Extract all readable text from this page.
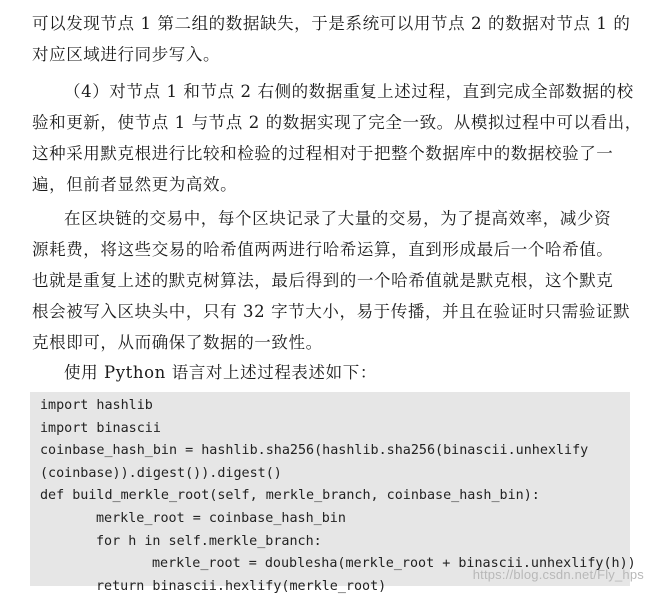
可以发现节点 1 第二组的数据缺失，于是系统可以用节点 2 的数据对节点 1 的
对应区域进行同步写入。

（4）对节点 1 和节点 2 右侧的数据重复上述过程，直到完成全部数据的校
验和更新，使节点 1 与节点 2 的数据实现了完全一致。从模拟过程中可以看出，
这种采用默克根进行比较和检验的过程相对于把整个数据库中的数据校验了一
遍，但前者显然更为高效。

在区块链的交易中，每个区块记录了大量的交易，为了提高效率，减少资
源耗费，将这些交易的哈希值两两进行哈希运算，直到形成最后一个哈希值。
也就是重复上述的默克树算法，最后得到的一个哈希值就是默克根，这个默克
根会被写入区块头中，只有 32 字节大小，易于传播，并且在验证时只需验证默
克根即可，从而确保了数据的一致性。

使用 Python 语言对上述过程表述如下：

import hashlib
import binascii
coinbase_hash_bin = hashlib.sha256(hashlib.sha256(binascii.unhexlify
(coinbase)).digest()).digest()
def build_merkle_root(self, merkle_branch, coinbase_hash_bin):
merkle_root = coinbase_hash_bin
for h in self.merkle_branch:
merkle_root = doublesha(merkle_root + binascii.unhexlify(h))
return binascii.hexlify(merkle_root)
https://blog.csdn.net/Fly_hps
